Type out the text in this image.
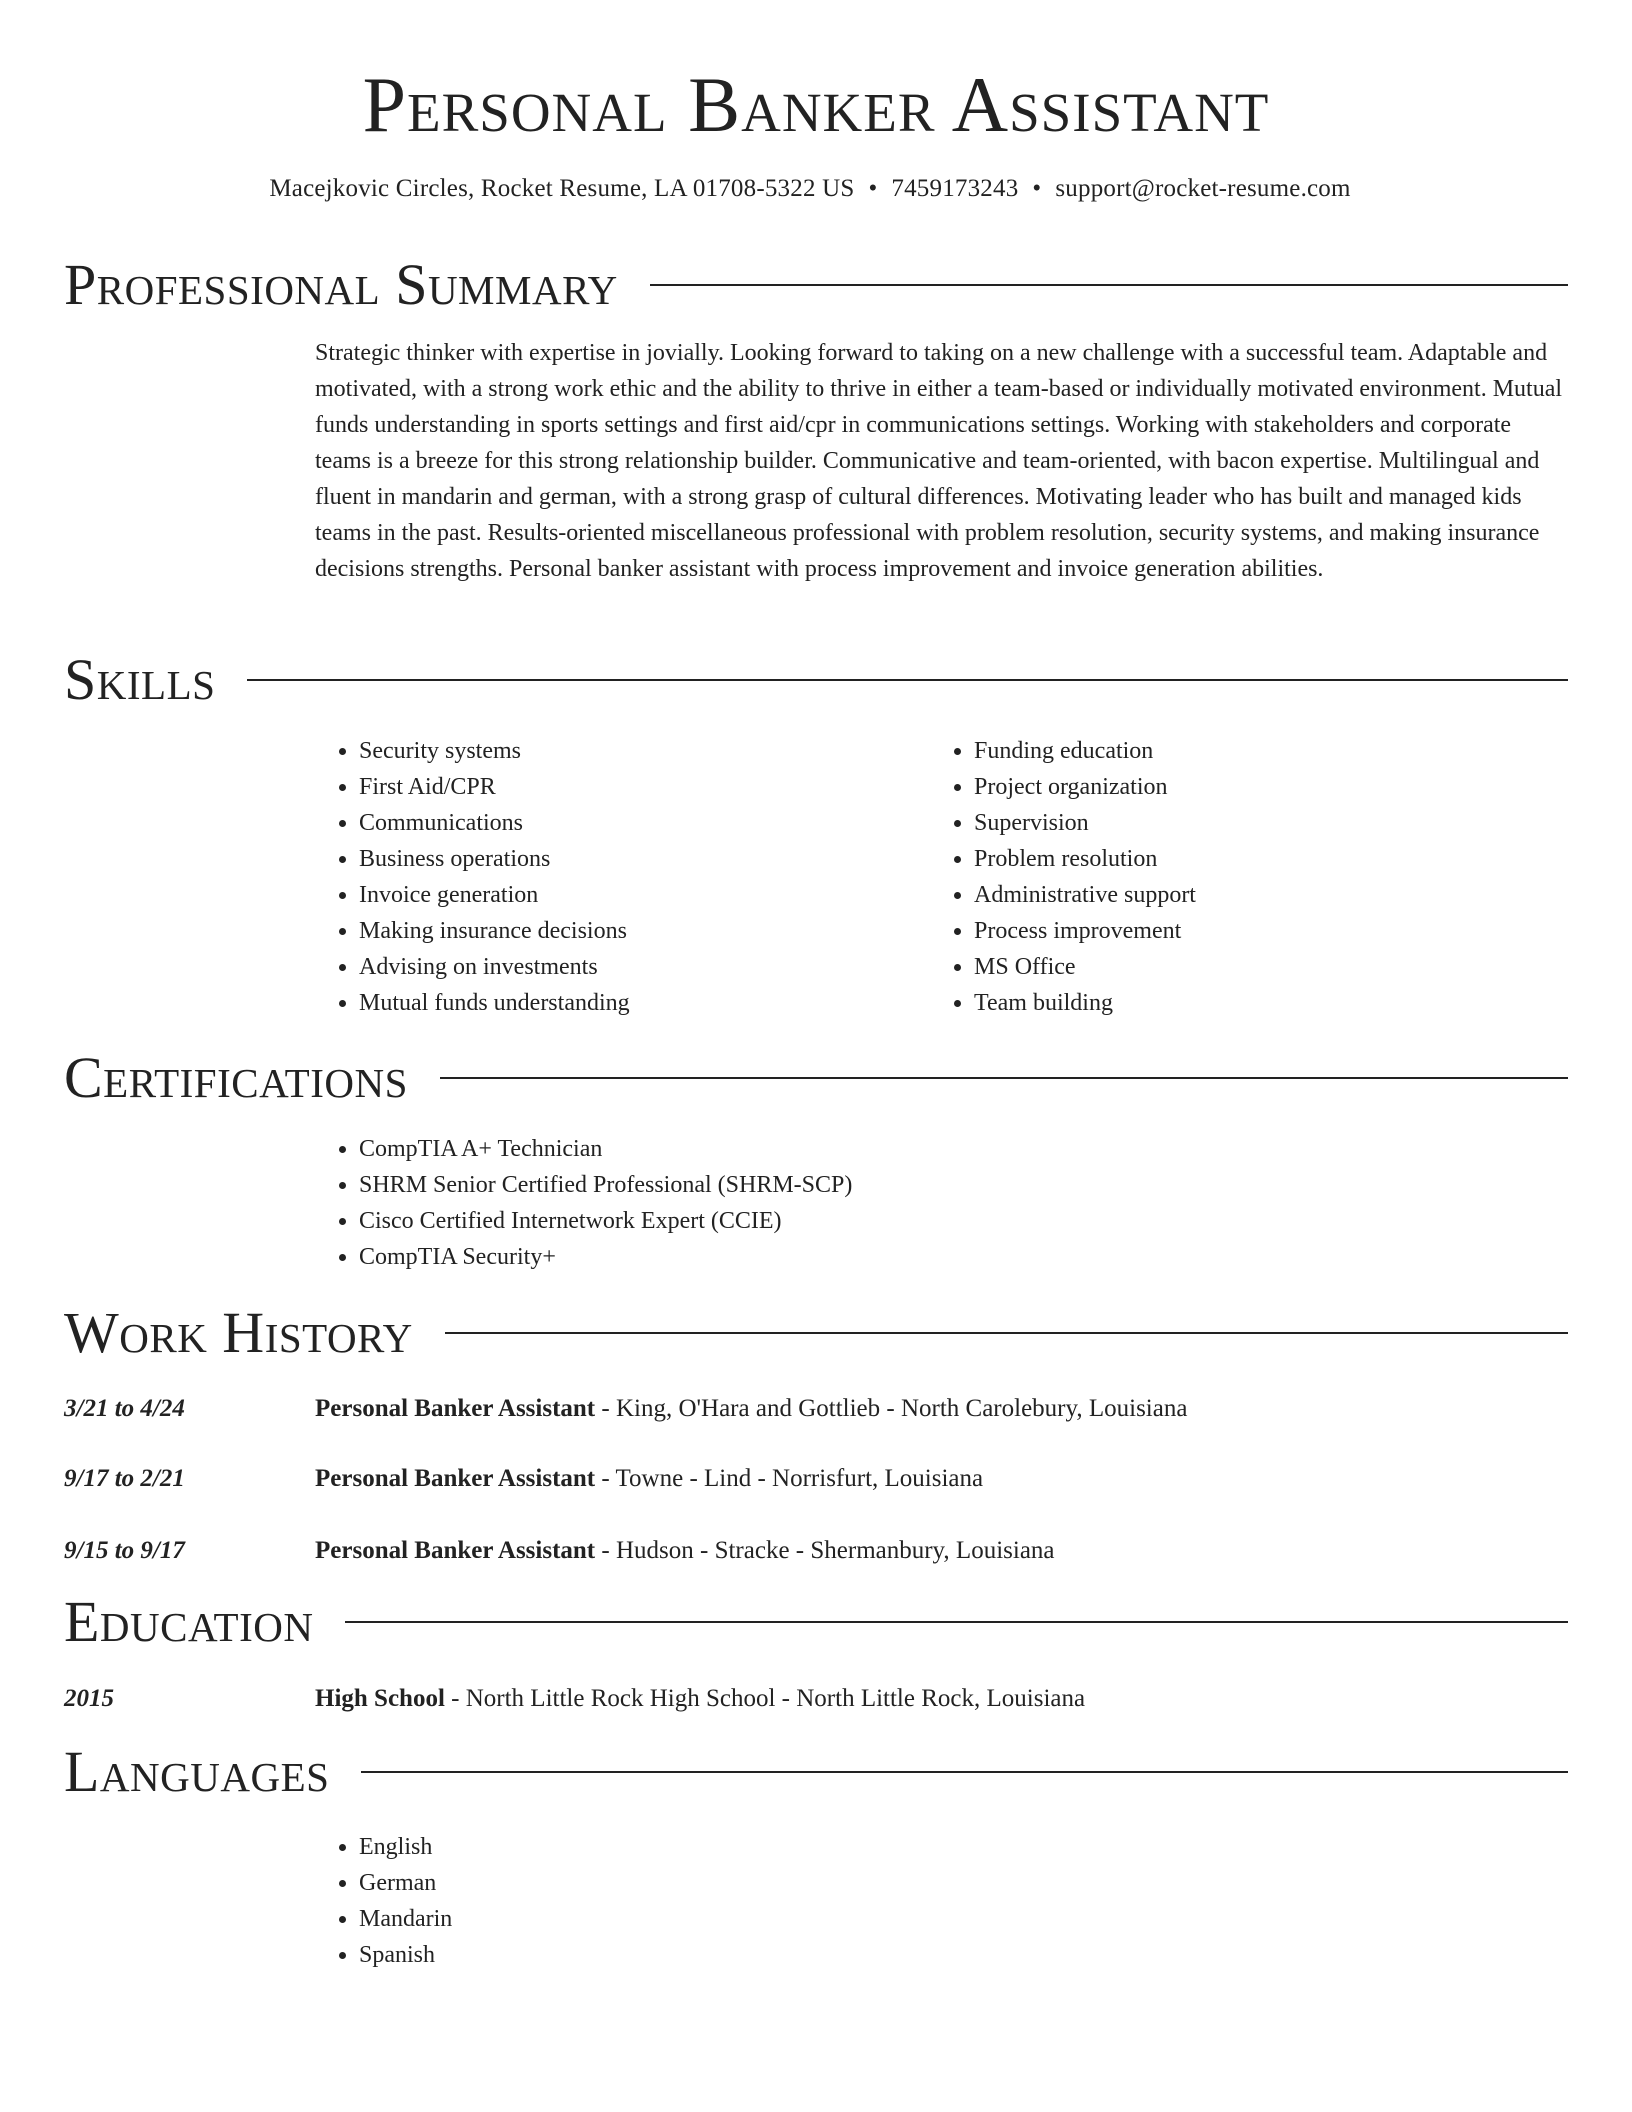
Personal Banker Assistant
Macejkovic Circles, Rocket Resume, LA 01708-5322 US • 7459173243 • support@rocket-resume.com
Professional Summary

Strategic thinker with expertise in jovially. Looking forward to taking on a new challenge with a successful team. Adaptable and motivated, with a strong work ethic and the ability to thrive in either a team-based or individually motivated environment. Mutual funds understanding in sports settings and first aid/cpr in communications settings. Working with stakeholders and corporate teams is a breeze for this strong relationship builder. Communicative and team-oriented, with bacon expertise. Multilingual and fluent in mandarin and german, with a strong grasp of cultural differences. Motivating leader who has built and managed kids teams in the past. Results-oriented miscellaneous professional with problem resolution, security systems, and making insurance decisions strengths. Personal banker assistant with process improvement and invoice generation abilities.

Skills
• Security systems
• First Aid/CPR
• Communications
• Business operations
• Invoice generation
• Making insurance decisions
• Advising on investments
• Mutual funds understanding
• Funding education
• Project organization
• Supervision
• Problem resolution
• Administrative support
• Process improvement
• MS Office
• Team building
Certifications
• CompTIA A+ Technician
• SHRM Senior Certified Professional (SHRM-SCP)
• Cisco Certified Internetwork Expert (CCIE)
• CompTIA Security+
Work History
3/21 to 4/24	Personal Banker Assistant - King, O'Hara and Gottlieb - North Carolebury, Louisiana
9/17 to 2/21	Personal Banker Assistant - Towne - Lind - Norrisfurt, Louisiana
9/15 to 9/17	Personal Banker Assistant - Hudson - Stracke - Shermanbury, Louisiana
Education
2015	High School - North Little Rock High School - North Little Rock, Louisiana
Languages
• English
• German
• Mandarin
• Spanish
